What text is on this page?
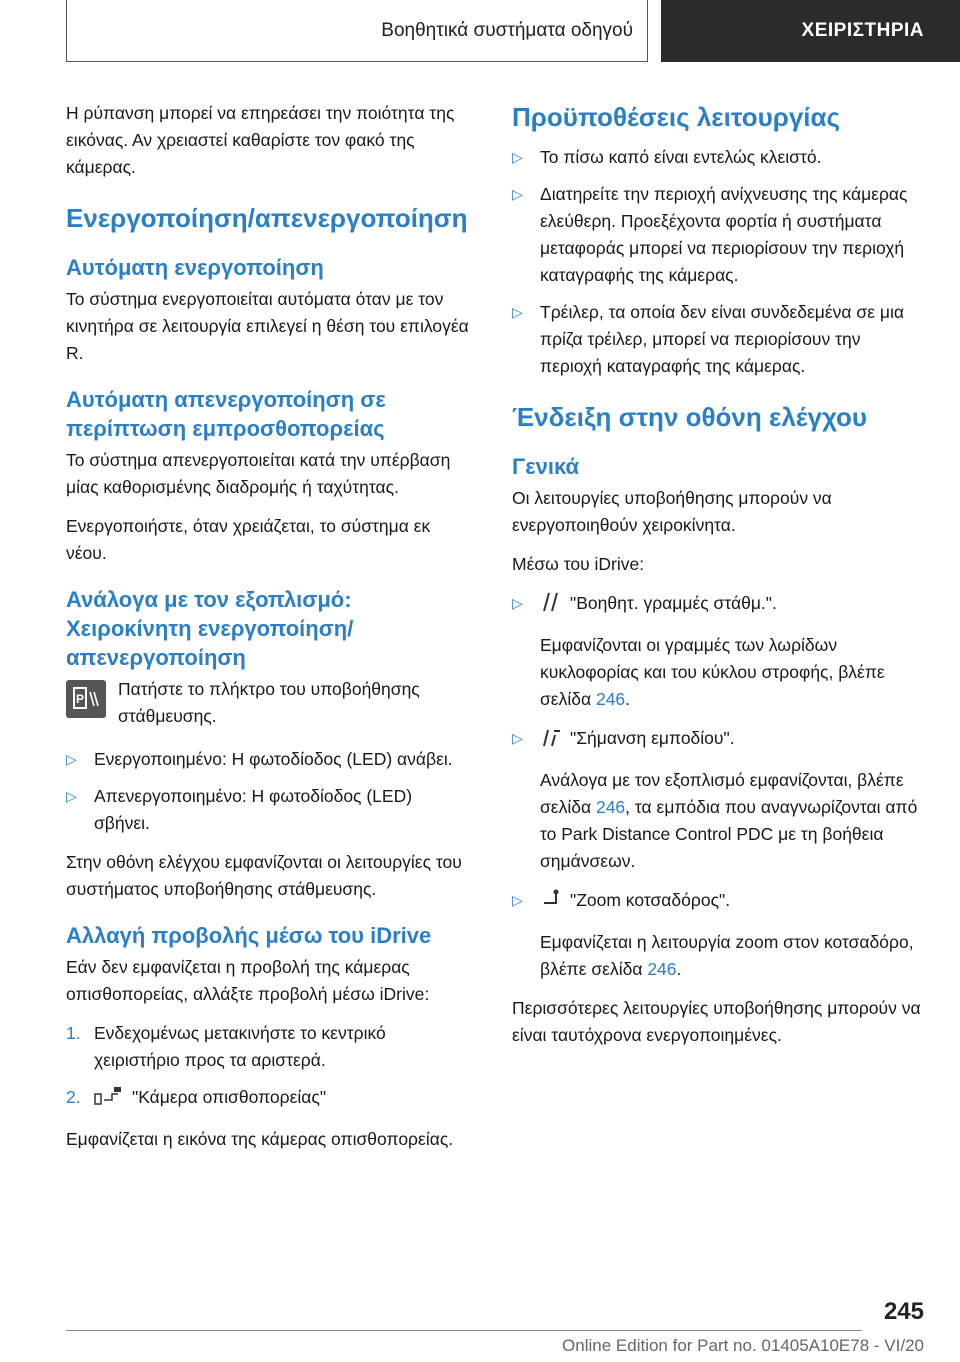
Βοηθητικά συστήματα οδηγού	ΧΕΙΡΙΣΤΗΡΙΑ

Η ρύπανση μπορεί να επηρεάσει την ποιότητα της εικόνας. Αν χρειαστεί καθαρίστε τον φακό της κάμερας.

Ενεργοποίηση/απενεργοποίηση
Αυτόματη ενεργοποίηση

Το σύστημα ενεργοποιείται αυτόματα όταν με τον κινητήρα σε λειτουργία επιλεγεί η θέση του επιλογέα R.

Αυτόματη απενεργοποίηση σε περίπτωση εμπροσθοπορείας

Το σύστημα απενεργοποιείται κατά την υπέρβαση μίας καθορισμένης διαδρομής ή ταχύτητας.

Ενεργοποιήστε, όταν χρειάζεται, το σύστημα εκ νέου.

Ανάλογα με τον εξοπλισμό: Χειροκίνητη ενεργοποίηση/απενεργοποίηση
P Πατήστε το πλήκτρο του υποβοήθησης στάθμευσης.
▷ Ενεργοποιημένο: Η φωτοδίοδος (LED) ανάβει.
▷ Απενεργοποιημένο: Η φωτοδίοδος (LED) σβήνει.

Στην οθόνη ελέγχου εμφανίζονται οι λειτουργίες του συστήματος υποβοήθησης στάθμευσης.

Αλλαγή προβολής μέσω του iDrive

Εάν δεν εμφανίζεται η προβολή της κάμερας οπισθοπορείας, αλλάξτε προβολή μέσω iDrive:

1. Ενδεχομένως μετακινήστε το κεντρικό χειριστήριο προς τα αριστερά.
2.	"Κάμερα οπισθοπορείας"

Εμφανίζεται η εικόνα της κάμερας οπισθοπορείας.

Προϋποθέσεις λειτουργίας
▷ Το πίσω καπό είναι εντελώς κλειστό.
▷ Διατηρείτε την περιοχή ανίχνευσης της κάμερας ελεύθερη. Προεξέχοντα φορτία ή συστήματα μεταφοράς μπορεί να περιορίσουν την περιοχή καταγραφής της κάμερας.
▷ Τρέιλερ, τα οποία δεν είναι συνδεδεμένα σε μια πρίζα τρέιλερ, μπορεί να περιορίσουν την περιοχή καταγραφής της κάμερας.
Ένδειξη στην οθόνη ελέγχου
Γενικά

Οι λειτουργίες υποβοήθησης μπορούν να ενεργοποιηθούν χειροκίνητα.

Μέσω του iDrive:

▷	"Βοηθητ. γραμμές στάθμ.".

Εμφανίζονται οι γραμμές των λωρίδων κυκλοφορίας και του κύκλου στροφής, βλέπε σελίδα 246.

▷	"Σήμανση εμποδίου".

Ανάλογα με τον εξοπλισμό εμφανίζονται, βλέπε σελίδα 246, τα εμπόδια που αναγνωρίζονται από το Park Distance Control PDC με τη βοήθεια σημάνσεων.

▷	"Zoom κοτσαδόρος".

Εμφανίζεται η λειτουργία zoom στον κοτσαδόρο, βλέπε σελίδα 246.

Περισσότερες λειτουργίες υποβοήθησης μπορούν να είναι ταυτόχρονα ενεργοποιημένες.

245
Online Edition for Part no. 01405A10E78 - VI/20
